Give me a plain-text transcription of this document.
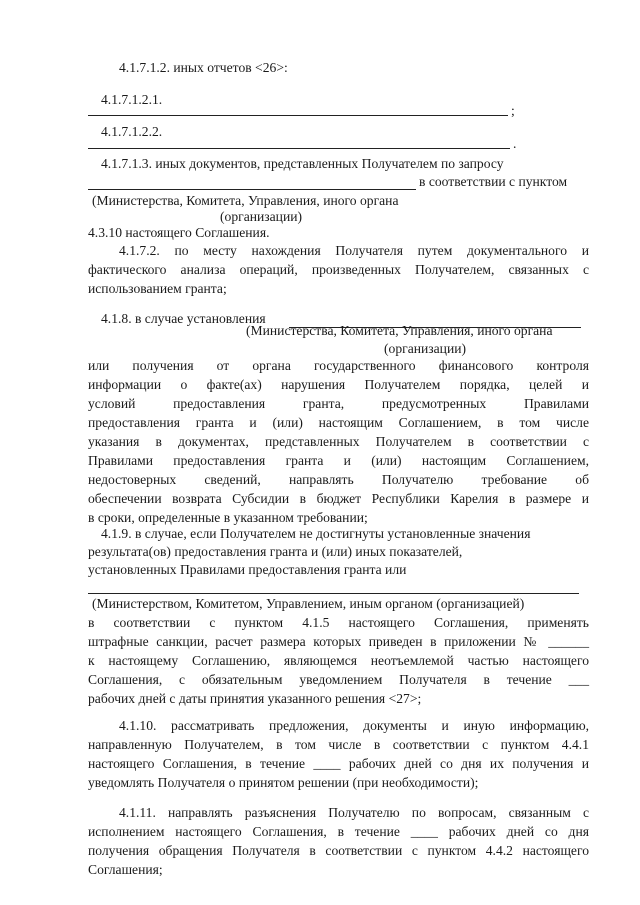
4.1.7.1.2. иных отчетов <26>:
4.1.7.1.2.1.
;
4.1.7.1.2.2.
.
4.1.7.1.3. иных документов, представленных Получателем по запросу
в соответствии с пунктом
(Министерства, Комитета, Управления, иного органа
(организации)
4.3.10 настоящего Соглашения.
4.1.7.2. по месту нахождения Получателя путем документального и
фактического анализа операций, произведенных Получателем, связанных с
использованием гранта;
4.1.8. в случае установления
(Министерства, Комитета, Управления, иного органа
(организации)
или получения от органа государственного финансового контроля
информации о факте(ах) нарушения Получателем порядка, целей и
условий предоставления гранта, предусмотренных Правилами
предоставления гранта и (или) настоящим Соглашением, в том числе
указания в документах, представленных Получателем в соответствии с
Правилами предоставления гранта и (или) настоящим Соглашением,
недостоверных сведений, направлять Получателю требование об
обеспечении возврата Субсидии в бюджет Республики Карелия в размере и
в сроки, определенные в указанном требовании;
4.1.9. в случае, если Получателем не достигнуты установленные значения
результата(ов) предоставления гранта и (или) иных показателей,
установленных Правилами предоставления гранта или
(Министерством, Комитетом, Управлением, иным органом (организацией)
в соответствии с пунктом 4.1.5 настоящего Соглашения, применять
штрафные санкции, расчет размера которых приведен в приложении № ______
к настоящему Соглашению, являющемся неотъемлемой частью настоящего
Соглашения, с обязательным уведомлением Получателя в течение ___
рабочих дней с даты принятия указанного решения <27>;
4.1.10. рассматривать предложения, документы и иную информацию,
направленную Получателем, в том числе в соответствии с пунктом 4.4.1
настоящего Соглашения, в течение ____ рабочих дней со дня их получения и
уведомлять Получателя о принятом решении (при необходимости);
4.1.11. направлять разъяснения Получателю по вопросам, связанным с
исполнением настоящего Соглашения, в течение ____ рабочих дней со дня
получения обращения Получателя в соответствии с пунктом 4.4.2 настоящего
Соглашения;
